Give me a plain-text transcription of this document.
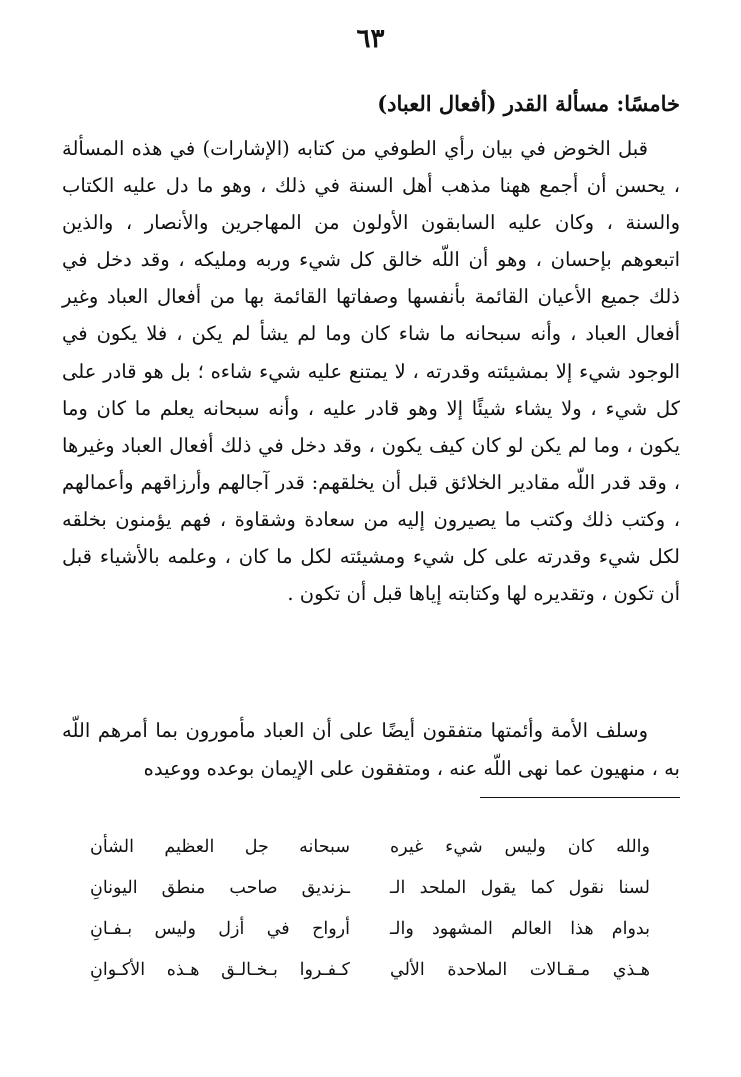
٦٣
خامسًا: مسألة القدر (أفعال العباد)
قبل الخوض في بيان رأي الطوفي من كتابه (الإشارات) في هذه المسألة ، يحسن أن أجمع ههنا مذهب أهل السنة في ذلك ، وهو ما دل عليه الكتاب والسنة ، وكان عليه السابقون الأولون من المهاجرين والأنصار ، والذين اتبعوهم بإحسان ، وهو أن اللّه خالق كل شيء وربه ومليكه ، وقد دخل في ذلك جميع الأعيان القائمة بأنفسها وصفاتها القائمة بها من أفعال العباد وغير أفعال العباد ، وأنه سبحانه ما شاء كان وما لم يشأ لم يكن ، فلا يكون في الوجود شيء إلا بمشيئته وقدرته ، لا يمتنع عليه شيء شاءه ؛ بل هو قادر على كل شيء ، ولا يشاء شيئًا إلا وهو قادر عليه ، وأنه سبحانه يعلم ما كان وما يكون ، وما لم يكن لو كان كيف يكون ، وقد دخل في ذلك أفعال العباد وغيرها ، وقد قدر اللّه مقادير الخلائق قبل أن يخلقهم: قدر آجالهم وأرزاقهم وأعمالهم ، وكتب ذلك وكتب ما يصيرون إليه من سعادة وشقاوة ، فهم يؤمنون بخلقه لكل شيء وقدرته على كل شيء ومشيئته لكل ما كان ، وعلمه بالأشياء قبل أن تكون ، وتقديره لها وكتابته إياها قبل أن تكون .
وسلف الأمة وأئمتها متفقون أيضًا على أن العباد مأمورون بما أمرهم اللّه به ، منهيون عما نهى اللّه عنه ، ومتفقون على الإيمان بوعده ووعيده
والله كان وليس شيء غيره
سبحانه جل العظيم الشأن
لسنا نقول كما يقول الملحد الـ
ـزنديق صاحب منطق اليونانِ
بدوام هذا العالم المشهود والـ
أرواح في أزل وليس بـفـانِ
هـذي مـقـالات الملاحدة الألي
كـفـروا بـخـالـق هـذه الأكـوانِ
